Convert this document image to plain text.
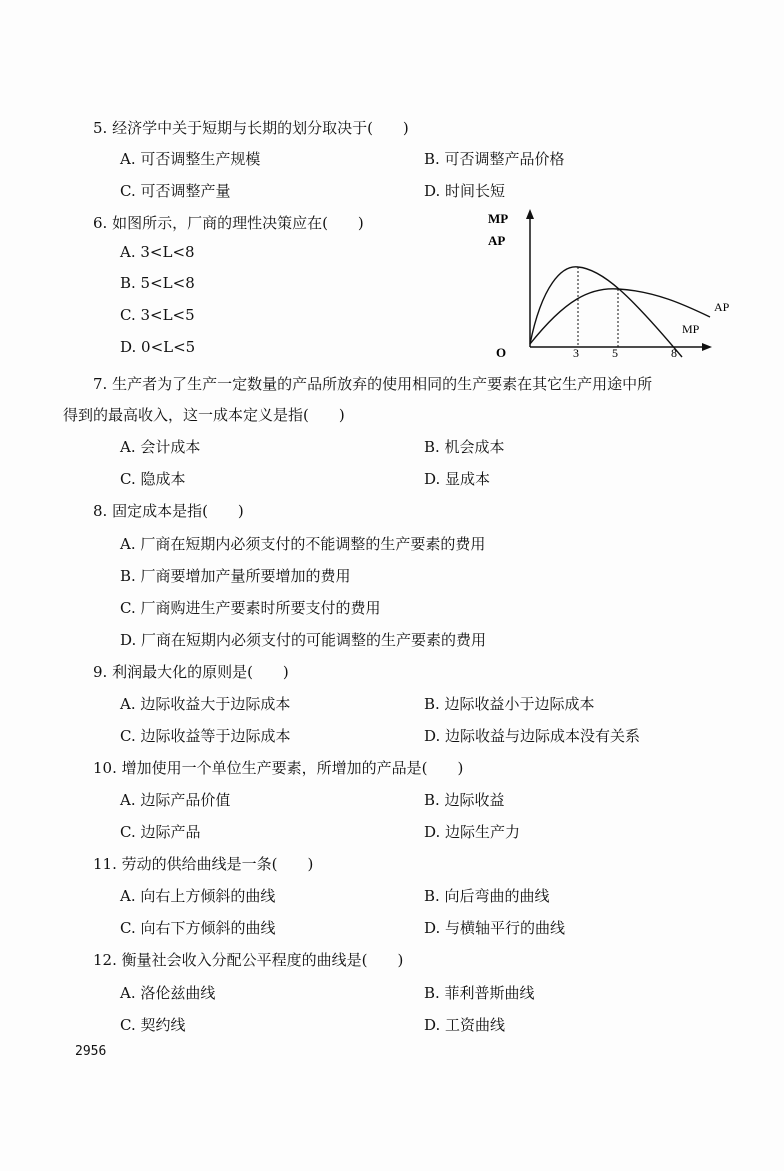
5. 经济学中关于短期与长期的划分取决于(　　)
A. 可否调整生产规模	B. 可否调整产品价格
C. 可否调整产量	D. 时间长短
6. 如图所示，厂商的理性决策应在(　　)
A. 3<L<8
B. 5<L<8
C. 3<L<5
D. 0<L<5
MP
AP
O	3	5	8
AP
MP
7. 生产者为了生产一定数量的产品所放弃的使用相同的生产要素在其它生产用途中所
得到的最高收入，这一成本定义是指(　　)
A. 会计成本	B. 机会成本
C. 隐成本	D. 显成本
8. 固定成本是指(　　)
A. 厂商在短期内必须支付的不能调整的生产要素的费用
B. 厂商要增加产量所要增加的费用
C. 厂商购进生产要素时所要支付的费用
D. 厂商在短期内必须支付的可能调整的生产要素的费用
9. 利润最大化的原则是(　　)
A. 边际收益大于边际成本	B. 边际收益小于边际成本
C. 边际收益等于边际成本	D. 边际收益与边际成本没有关系
10. 增加使用一个单位生产要素，所增加的产品是(　　)
A. 边际产品价值	B. 边际收益
C. 边际产品	D. 边际生产力
11. 劳动的供给曲线是一条(　　)
A. 向右上方倾斜的曲线	B. 向后弯曲的曲线
C. 向右下方倾斜的曲线	D. 与横轴平行的曲线
12. 衡量社会收入分配公平程度的曲线是(　　)
A. 洛伦兹曲线	B. 菲利普斯曲线
C. 契约线	D. 工资曲线
2956
